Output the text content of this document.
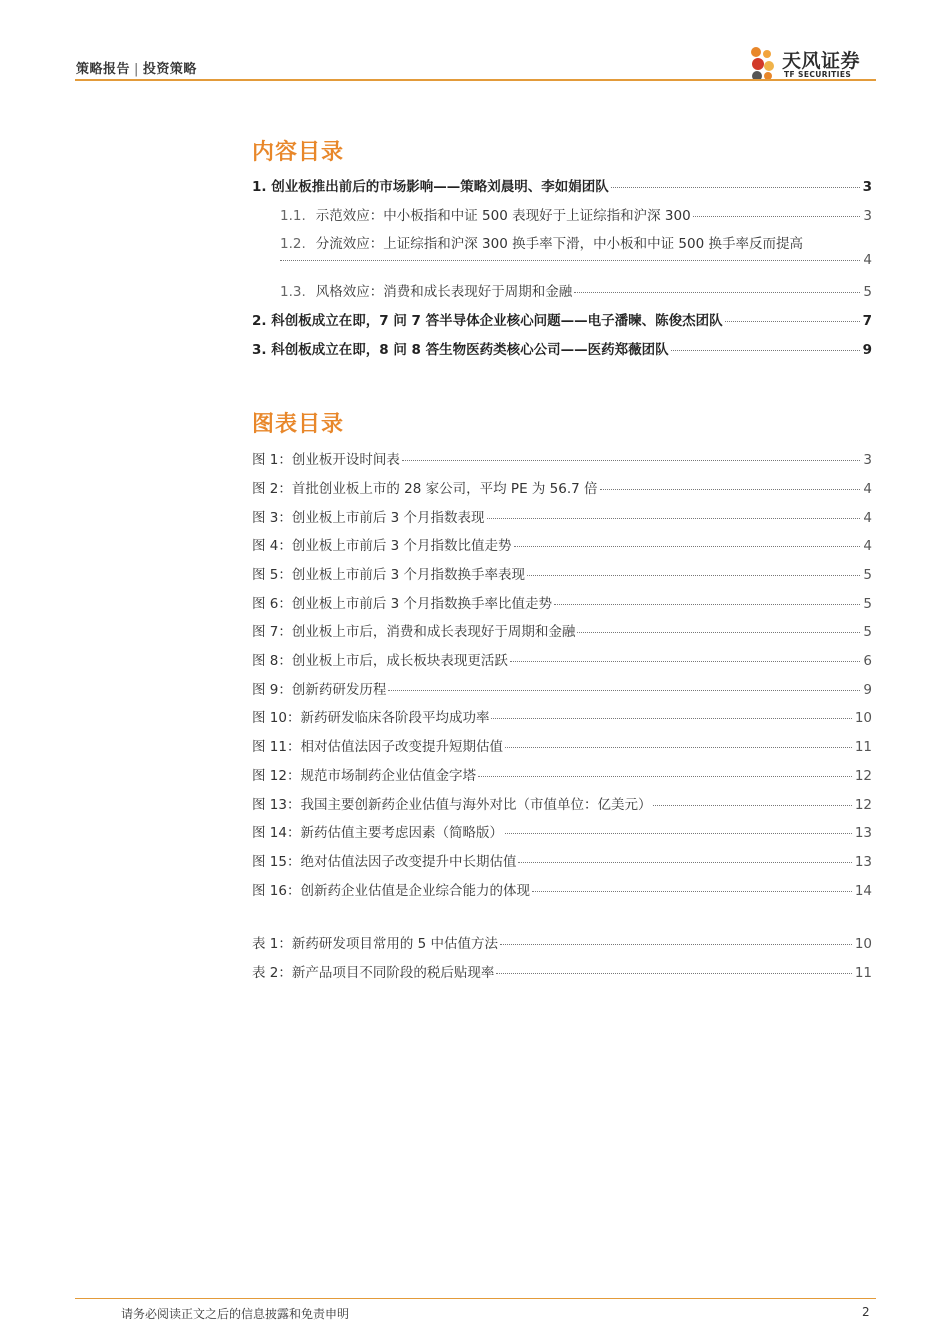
策略报告 | 投资策略	天风证券
TF SECURITIES
内容目录
1. 创业板推出前后的市场影响——策略刘晨明、李如娟团队	3
1.1. 示范效应：中小板指和中证 500 表现好于上证综指和沪深 300	3
1.2. 分流效应：上证综指和沪深 300 换手率下滑，中小板和中证 500 换手率反而提高
4
1.3. 风格效应：消费和成长表现好于周期和金融	5
2. 科创板成立在即，7 问 7 答半导体企业核心问题——电子潘暕、陈俊杰团队	7
3. 科创板成立在即，8 问 8 答生物医药类核心公司——医药郑薇团队	9
图表目录
图 1：创业板开设时间表	3
图 2：首批创业板上市的 28 家公司，平均 PE 为 56.7 倍	4
图 3：创业板上市前后 3 个月指数表现	4
图 4：创业板上市前后 3 个月指数比值走势	4
图 5：创业板上市前后 3 个月指数换手率表现	5
图 6：创业板上市前后 3 个月指数换手率比值走势	5
图 7：创业板上市后，消费和成长表现好于周期和金融	5
图 8：创业板上市后，成长板块表现更活跃	6
图 9：创新药研发历程	9
图 10：新药研发临床各阶段平均成功率	10
图 11：相对估值法因子改变提升短期估值	11
图 12：规范市场制药企业估值金字塔	12
图 13：我国主要创新药企业估值与海外对比（市值单位：亿美元）	12
图 14：新药估值主要考虑因素（简略版）	13
图 15：绝对估值法因子改变提升中长期估值	13
图 16：创新药企业估值是企业综合能力的体现	14
表 1：新药研发项目常用的 5 中估值方法	10
表 2：新产品项目不同阶段的税后贴现率	11
请务必阅读正文之后的信息披露和免责申明	2
